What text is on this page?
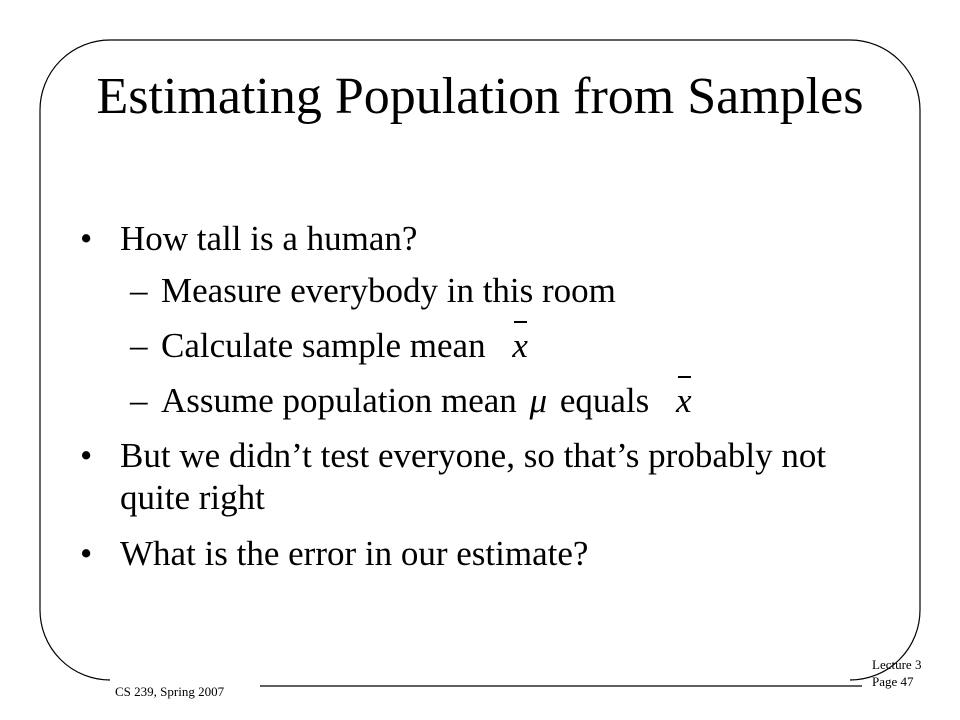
Estimating Population from Samples
• How tall is a human?
– Measure everybody in this room
– Calculate sample mean x
– Assume population mean μ equals x
• But we didn’t test everyone, so that’s probably not quite right
• What is the error in our estimate?
CS 239, Spring 2007
Lecture 3
Page 47
